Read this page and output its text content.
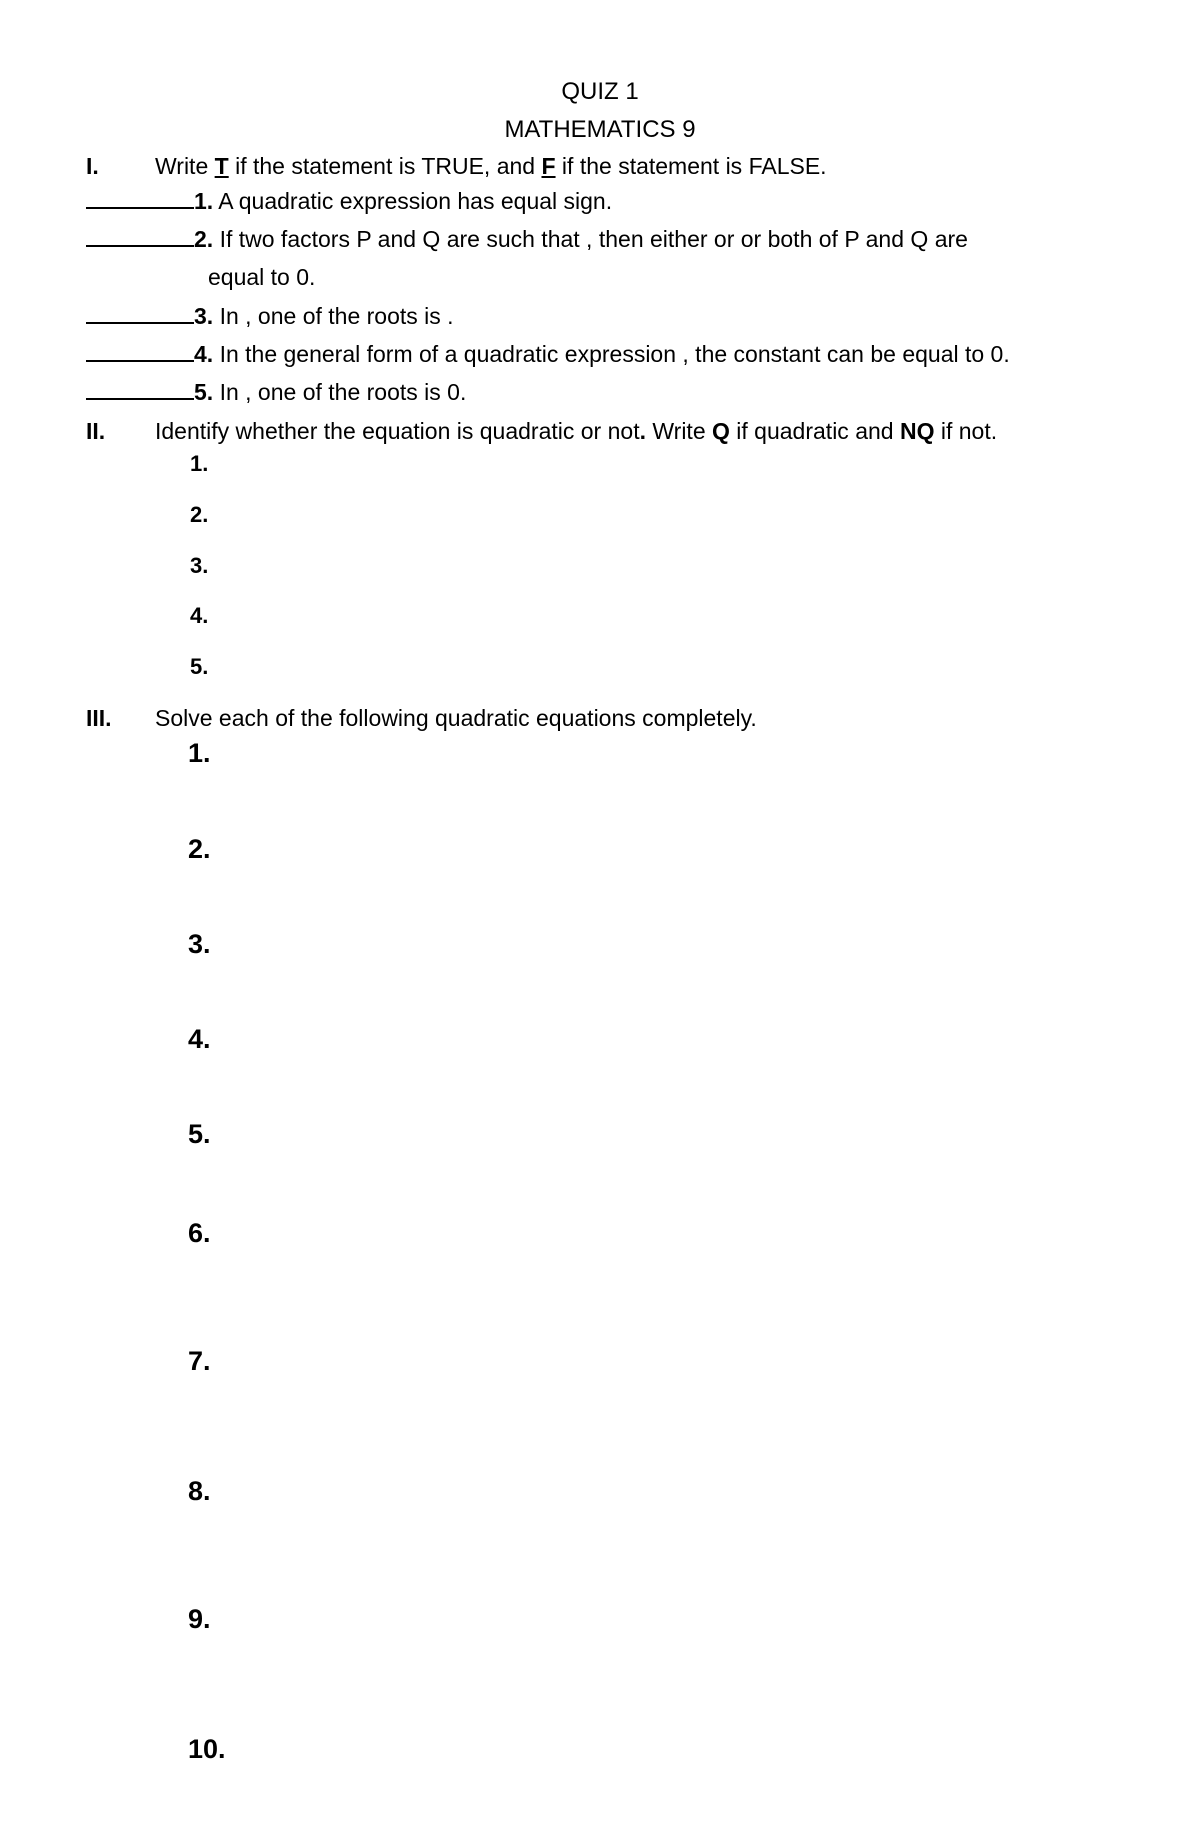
QUIZ 1
MATHEMATICS 9
I. Write T if the statement is TRUE, and F if the statement is FALSE.
1. A quadratic expression has equal sign.
2. If two factors P and Q are such that , then either or or both of P and Q are
equal to 0.
3. In , one of the roots is .
4. In the general form of a quadratic expression , the constant can be equal to 0.
5. In , one of the roots is 0.
II. Identify whether the equation is quadratic or not. Write Q if quadratic and NQ if not.
1.
2.
3.
4.
5.
III. Solve each of the following quadratic equations completely.
1.
2.
3.
4.
5.
6.
7.
8.
9.
10.
